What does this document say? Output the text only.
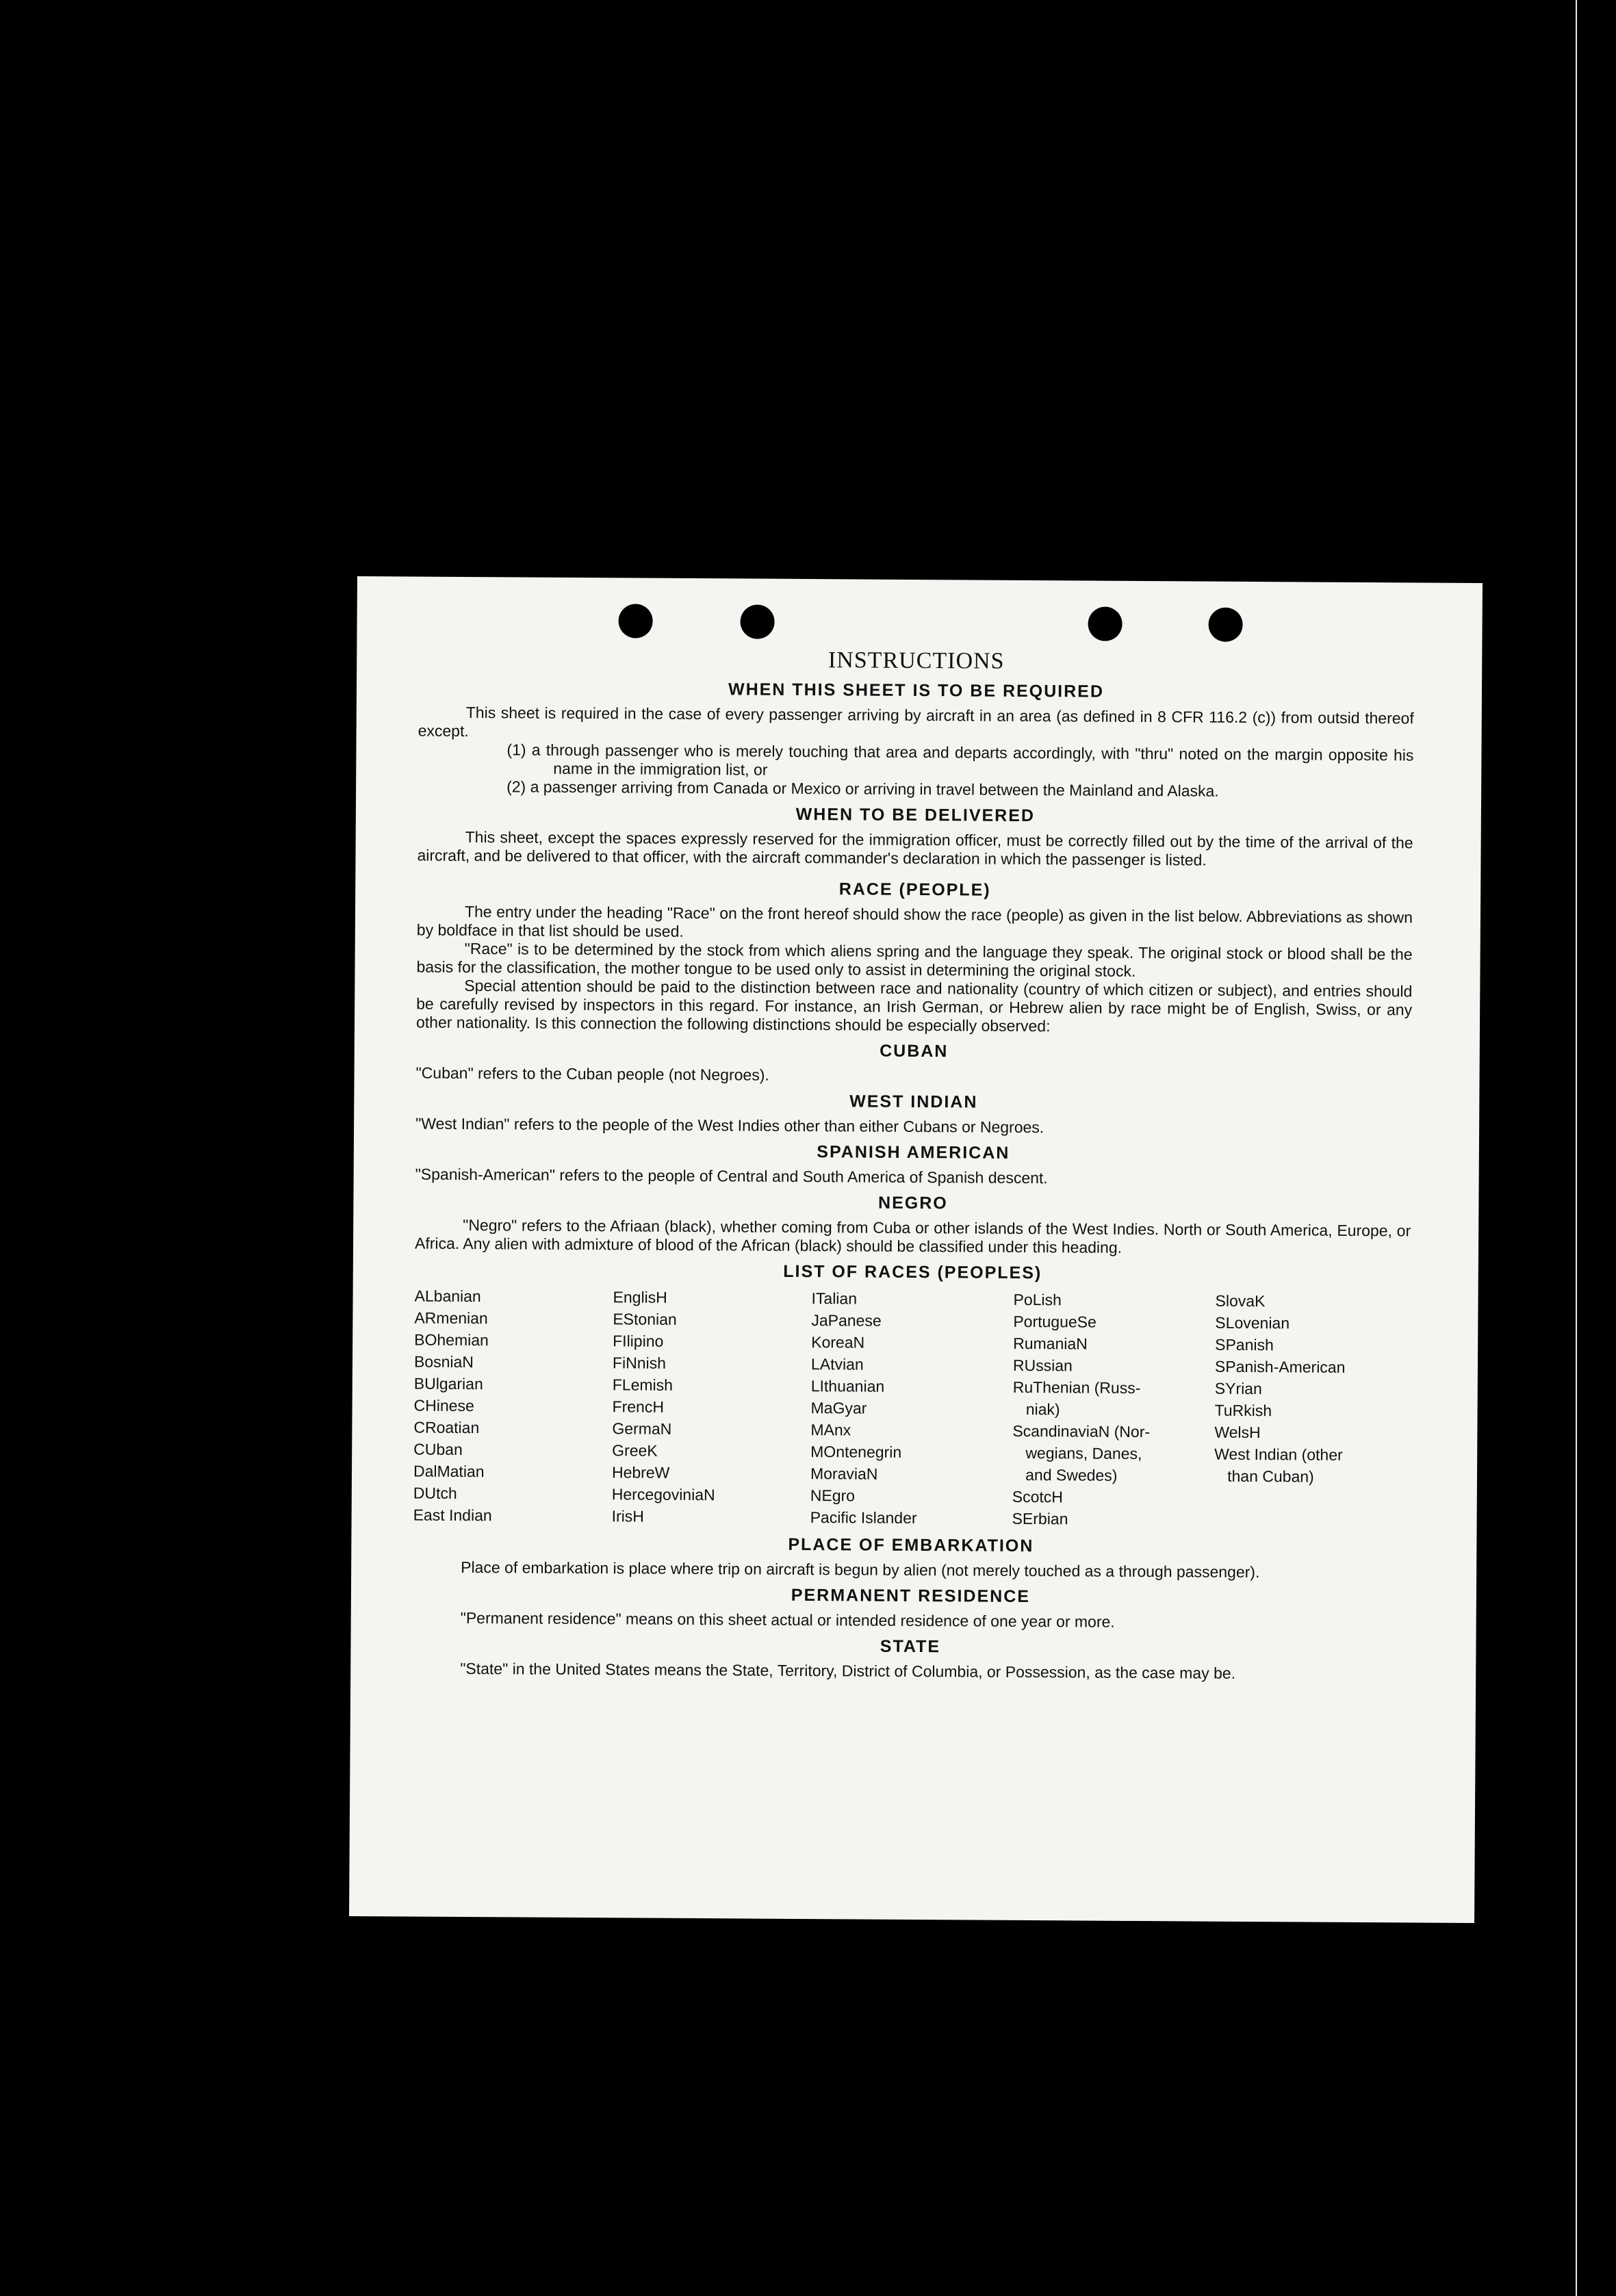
INSTRUCTIONS
WHEN THIS SHEET IS TO BE REQUIRED

This sheet is required in the case of every passenger arriving by aircraft in an area (as defined in 8 CFR 116.2 (c)) from outsid thereof except.

(1) a through passenger who is merely touching that area and departs accordingly, with "thru" noted on the margin opposite his name in the immigration list, or
(2) a passenger arriving from Canada or Mexico or arriving in travel between the Mainland and Alaska.
WHEN TO BE DELIVERED

This sheet, except the spaces expressly reserved for the immigration officer, must be correctly filled out by the time of the arrival of the aircraft, and be delivered to that officer, with the aircraft commander's declaration in which the passenger is listed.

RACE (PEOPLE)

The entry under the heading "Race" on the front hereof should show the race (people) as given in the list below. Abbreviations as shown by boldface in that list should be used.

"Race" is to be determined by the stock from which aliens spring and the language they speak. The original stock or blood shall be the basis for the classification, the mother tongue to be used only to assist in determining the original stock.

Special attention should be paid to the distinction between race and nationality (country of which citizen or subject), and entries should be carefully revised by inspectors in this regard. For instance, an Irish German, or Hebrew alien by race might be of English, Swiss, or any other nationality. Is this connection the following distinctions should be especially observed:

CUBAN

"Cuban" refers to the Cuban people (not Negroes).

WEST INDIAN

"West Indian" refers to the people of the West Indies other than either Cubans or Negroes.

SPANISH AMERICAN

"Spanish-American" refers to the people of Central and South America of Spanish descent.

NEGRO

"Negro" refers to the Afriaan (black), whether coming from Cuba or other islands of the West Indies. North or South America, Europe, or Africa. Any alien with admixture of blood of the African (black) should be classified under this heading.

LIST OF RACES (PEOPLES)
ALbanian
ARmenian
BOhemian
BosniaN
BUlgarian
CHinese
CRoatian
CUban
DalMatian
DUtch
East Indian
EnglisH
EStonian
FIlipino
FiNnish
FLemish
FrencH
GermaN
GreeK
HebreW
HercegoviniaN
IrisH
ITalian
JaPanese
KoreaN
LAtvian
LIthuanian
MaGyar
MAnx
MOntenegrin
MoraviaN
NEgro
Pacific Islander
PoLish
PortugueSe
RumaniaN
RUssian
RuThenian (Russ-
niak)
ScandinaviaN (Nor-
wegians, Danes,
and Swedes)
ScotcH
SErbian
SlovaK
SLovenian
SPanish
SPanish-American
SYrian
TuRkish
WelsH
West Indian (other
than Cuban)
PLACE OF EMBARKATION

Place of embarkation is place where trip on aircraft is begun by alien (not merely touched as a through passenger).

PERMANENT RESIDENCE

"Permanent residence" means on this sheet actual or intended residence of one year or more.

STATE

"State" in the United States means the State, Territory, District of Columbia, or Possession, as the case may be.
